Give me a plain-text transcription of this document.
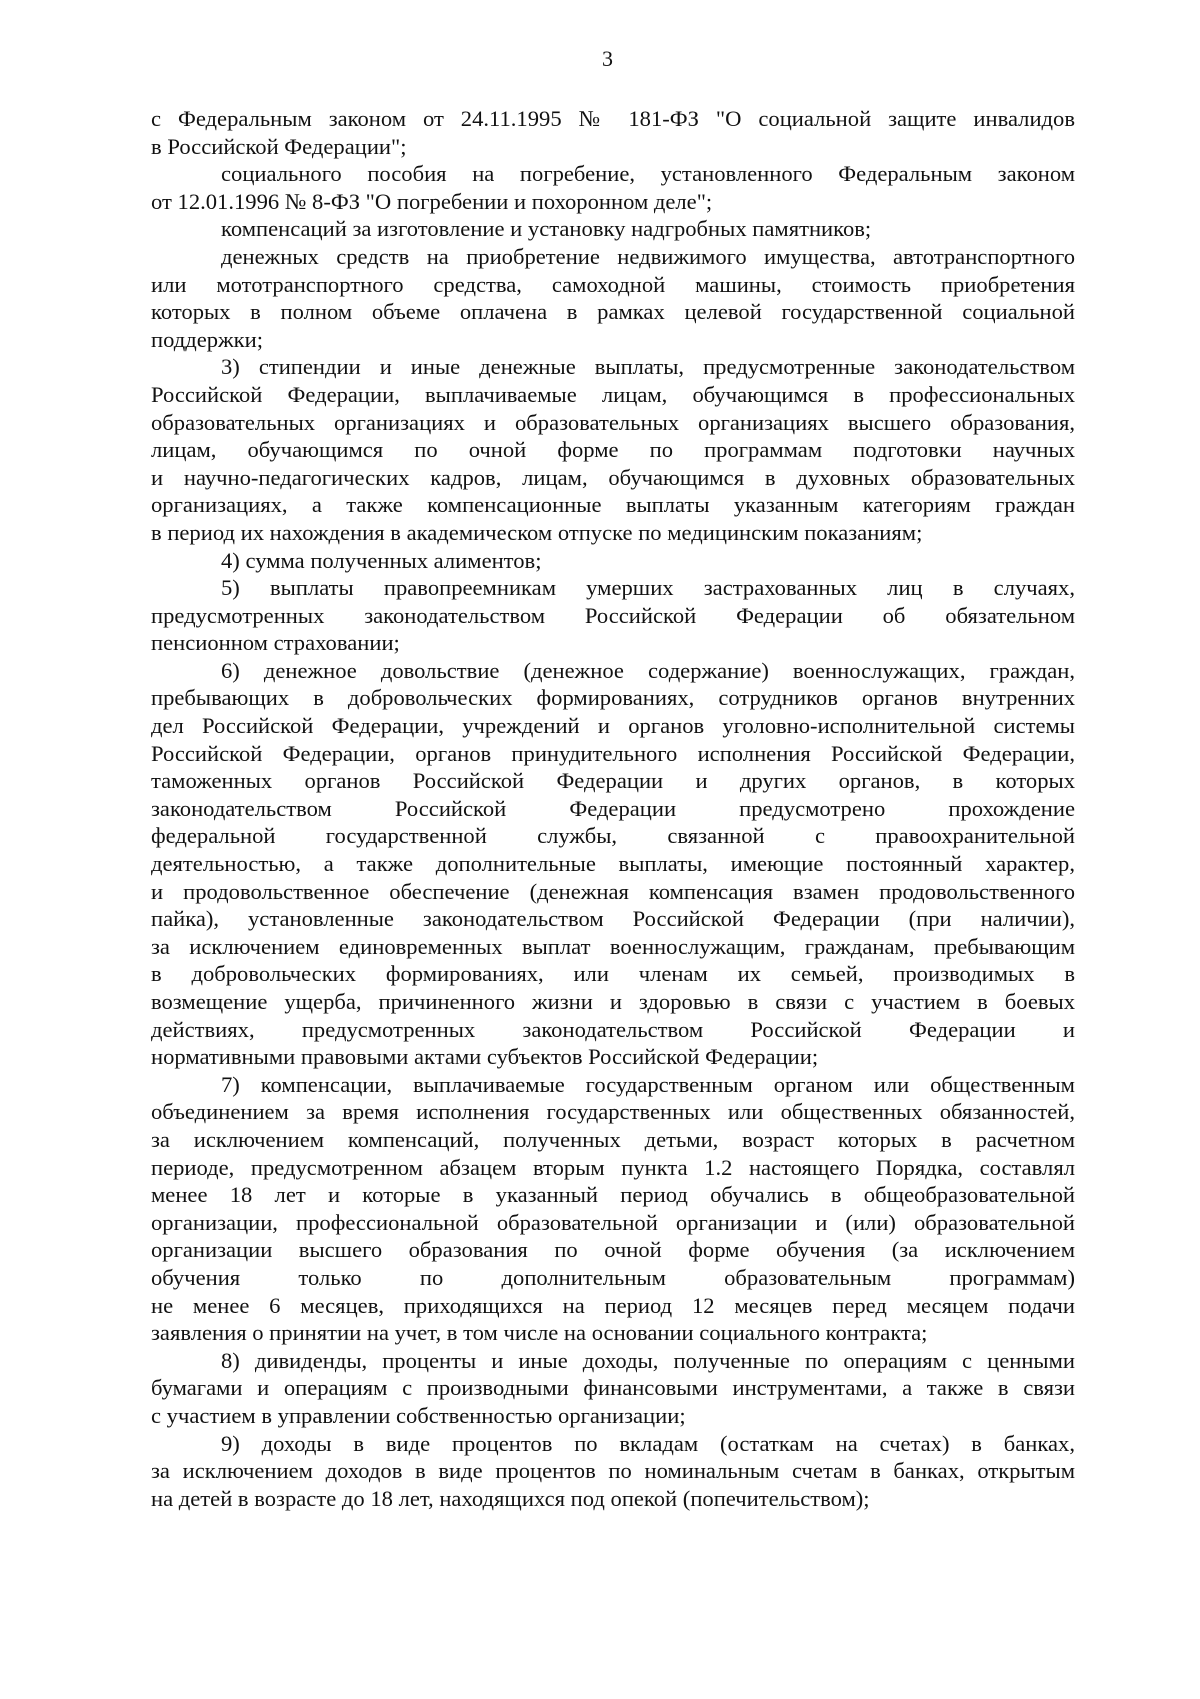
3
с Федеральным законом от 24.11.1995 № 181-ФЗ "О социальной защите инвалидов
в Российской Федерации";
социального пособия на погребение, установленного Федеральным законом
от 12.01.1996 № 8-ФЗ "О погребении и похоронном деле";
компенсаций за изготовление и установку надгробных памятников;
денежных средств на приобретение недвижимого имущества, автотранспортного
или мототранспортного средства, самоходной машины, стоимость приобретения
которых в полном объеме оплачена в рамках целевой государственной социальной
поддержки;
3) стипендии и иные денежные выплаты, предусмотренные законодательством
Российской Федерации, выплачиваемые лицам, обучающимся в профессиональных
образовательных организациях и образовательных организациях высшего образования,
лицам, обучающимся по очной форме по программам подготовки научных
и научно-педагогических кадров, лицам, обучающимся в духовных образовательных
организациях, а также компенсационные выплаты указанным категориям граждан
в период их нахождения в академическом отпуске по медицинским показаниям;
4) сумма полученных алиментов;
5) выплаты правопреемникам умерших застрахованных лиц в случаях,
предусмотренных законодательством Российской Федерации об обязательном
пенсионном страховании;
6) денежное довольствие (денежное содержание) военнослужащих, граждан,
пребывающих в добровольческих формированиях, сотрудников органов внутренних
дел Российской Федерации, учреждений и органов уголовно-исполнительной системы
Российской Федерации, органов принудительного исполнения Российской Федерации,
таможенных органов Российской Федерации и других органов, в которых
законодательством Российской Федерации предусмотрено прохождение
федеральной государственной службы, связанной с правоохранительной
деятельностью, а также дополнительные выплаты, имеющие постоянный характер,
и продовольственное обеспечение (денежная компенсация взамен продовольственного
пайка), установленные законодательством Российской Федерации (при наличии),
за исключением единовременных выплат военнослужащим, гражданам, пребывающим
в добровольческих формированиях, или членам их семьей, производимых в
возмещение ущерба, причиненного жизни и здоровью в связи с участием в боевых
действиях, предусмотренных законодательством Российской Федерации и
нормативными правовыми актами субъектов Российской Федерации;
7) компенсации, выплачиваемые государственным органом или общественным
объединением за время исполнения государственных или общественных обязанностей,
за исключением компенсаций, полученных детьми, возраст которых в расчетном
периоде, предусмотренном абзацем вторым пункта 1.2 настоящего Порядка, составлял
менее 18 лет и которые в указанный период обучались в общеобразовательной
организации, профессиональной образовательной организации и (или) образовательной
организации высшего образования по очной форме обучения (за исключением
обучения только по дополнительным образовательным программам)
не менее 6 месяцев, приходящихся на период 12 месяцев перед месяцем подачи
заявления о принятии на учет, в том числе на основании социального контракта;
8) дивиденды, проценты и иные доходы, полученные по операциям с ценными
бумагами и операциям с производными финансовыми инструментами, а также в связи
с участием в управлении собственностью организации;
9) доходы в виде процентов по вкладам (остаткам на счетах) в банках,
за исключением доходов в виде процентов по номинальным счетам в банках, открытым
на детей в возрасте до 18 лет, находящихся под опекой (попечительством);
